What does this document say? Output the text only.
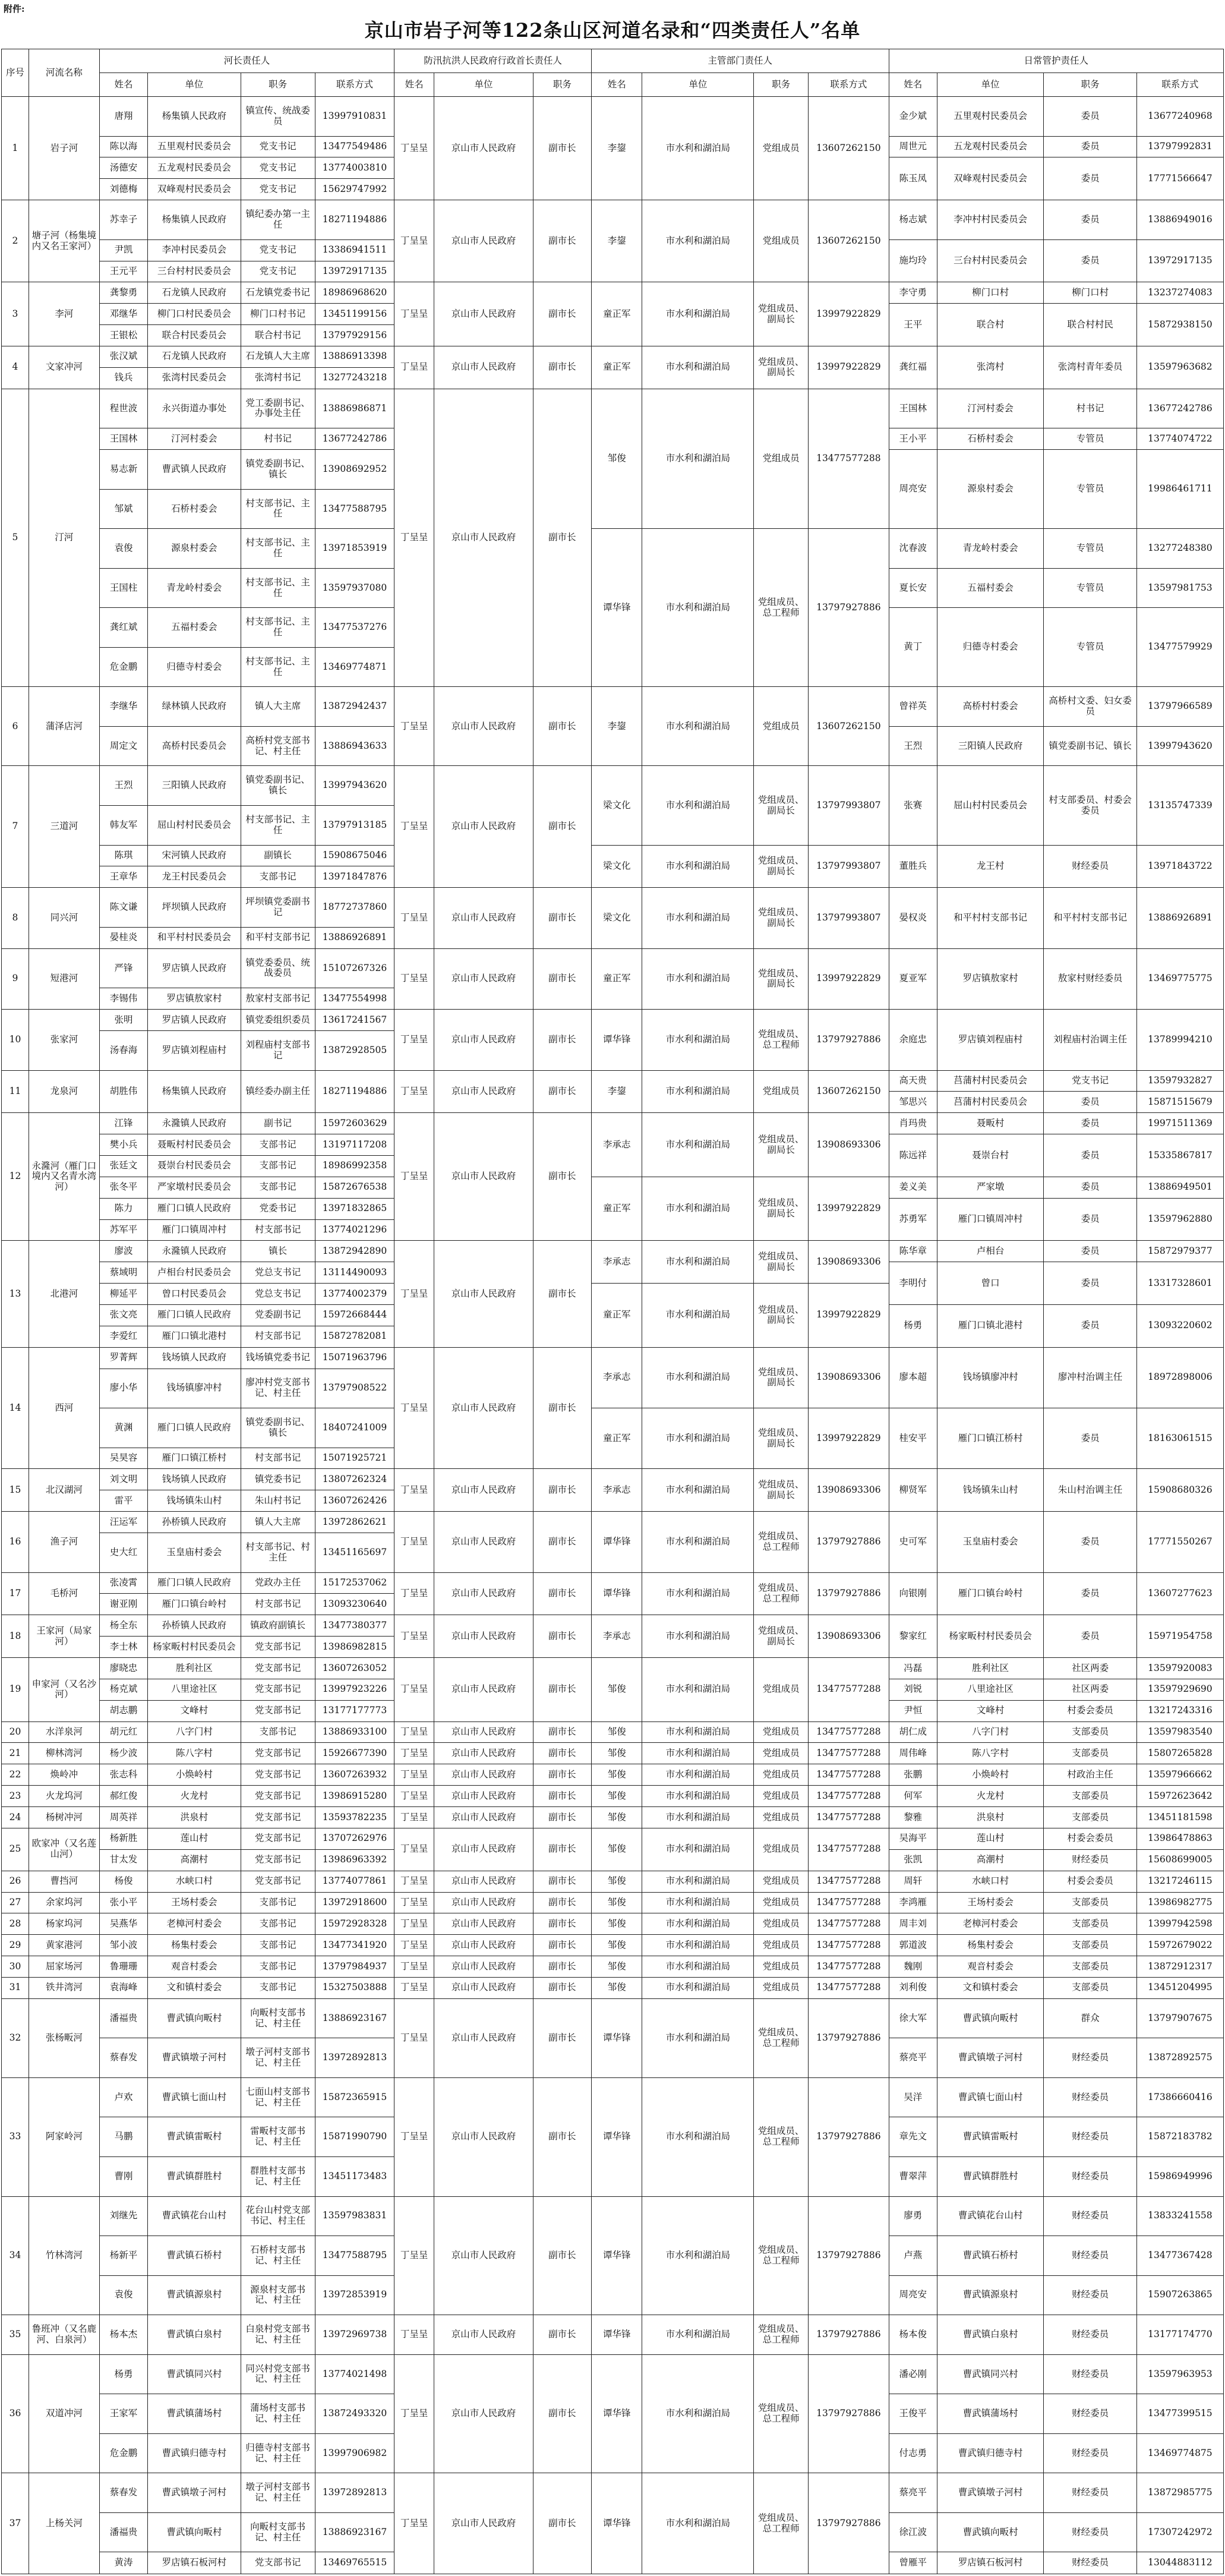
附件:
京山市岩子河等122条山区河道名录和“四类责任人”名单
序号	河流名称	河长责任人				防汛抗洪人民政府行政首长责任人			主管部门责任人				日常管护责任人			
		姓名	单位	职务	联系方式	姓名	单位	职务	姓名	单位	职务	联系方式	姓名	单位	职务	联系方式
1	岩子河	唐翔	杨集镇人民政府	镇宣传、统战委员	13997910831	丁呈呈	京山市人民政府	副市长	李鋆	市水利和湖泊局	党组成员	13607262150	金少斌	五里观村民委员会	委员	13677240968
		陈以海	五里观村民委员会	党支书记	13477549486								周世元	五龙观村民委员会	委员	13797992831
		汤德安	五龙观村民委员会	党支书记	13774003810								陈玉凤	双峰观村民委员会	委员	17771566647
		刘德梅	双峰观村民委员会	党支书记	15629747992											
2	塘子河（杨集境内又名王家河）	苏幸子	杨集镇人民政府	镇纪委办第一主任	18271194886	丁呈呈	京山市人民政府	副市长	李鋆	市水利和湖泊局	党组成员	13607262150	杨志斌	李冲村村民委员会	委员	13886949016
		尹凯	李冲村民委员会	党支书记	13386941511								施均玲	三台村村民委员会	委员	13972917135
		王元平	三台村村民委员会	党支书记	13972917135											
3	李河	龚黎勇	石龙镇人民政府	石龙镇党委书记	18986968620	丁呈呈	京山市人民政府	副市长	童正军	市水利和湖泊局	党组成员、副局长	13997922829	李守勇	柳门口村	柳门口村	13237274083
		邓继华	柳门口村民委员会	柳门口村书记	13451199156								王平	联合村	联合村村民	15872938150
		王银松	联合村民委员会	联合村书记	13797929156											
4	文家冲河	张汉斌	石龙镇人民政府	石龙镇人大主席	13886913398	丁呈呈	京山市人民政府	副市长	童正军	市水利和湖泊局	党组成员、副局长	13997922829	龚红福	张湾村	张湾村青年委员	13597963682
		钱兵	张湾村民委员会	张湾村书记	13277243218											
5	汀河	程世波	永兴街道办事处	党工委副书记、办事处主任	13886986871	丁呈呈	京山市人民政府	副市长	邹俊	市水利和湖泊局	党组成员	13477577288	王国林	汀河村委会	村书记	13677242786
		王国林	汀河村委会	村书记	13677242786								王小平	石桥村委会	专管员	13774074722
		易志新	曹武镇人民政府	镇党委副书记、镇长	13908692952								周亮安	源泉村委会	专管员	19986461711
		邹斌	石桥村委会	村支部书记、主任	13477588795											
		袁俊	源泉村委会	村支部书记、主任	13971853919				谭华锋	市水利和湖泊局	党组成员、总工程师	13797927886	沈春波	青龙岭村委会	专管员	13277248380
		王国柱	青龙岭村委会	村支部书记、主任	13597937080								夏长安	五福村委会	专管员	13597981753
		龚红斌	五福村委会	村支部书记、主任	13477537276								黄丁	归德寺村委会	专管员	13477579929
		危金鹏	归德寺村委会	村支部书记、主任	13469774871											
6	蒲泽店河	李继华	绿林镇人民政府	镇人大主席	13872942437	丁呈呈	京山市人民政府	副市长	李鋆	市水利和湖泊局	党组成员	13607262150	曾祥英	高桥村村委会	高桥村文委、妇女委员	13797966589
		周定文	高桥村民委员会	高桥村党支部书记、村主任	13886943633								王烈	三阳镇人民政府	镇党委副书记、镇长	13997943620
7	三道河	王烈	三阳镇人民政府	镇党委副书记、镇长	13997943620	丁呈呈	京山市人民政府	副市长	梁文化	市水利和湖泊局	党组成员、副局长	13797993807	张赛	屈山村村民委员会	村支部委员、村委会委员	13135747339
		韩友军	屈山村村民委员会	村支部书记、主任	13797913185											
		陈琪	宋河镇人民政府	副镇长	15908675046				梁文化	市水利和湖泊局	党组成员、副局长	13797993807	董胜兵	龙王村	财经委员	13971843722
		王章华	龙王村民委员会	支部书记	13971847876											
8	同兴河	陈文谦	坪坝镇人民政府	坪坝镇党委副书记	18772737860	丁呈呈	京山市人民政府	副市长	梁文化	市水利和湖泊局	党组成员、副局长	13797993807	晏权炎	和平村村支部书记	和平村村支部书记	13886926891
		晏桂炎	和平村村民委员会	和平村支部书记	13886926891											
9	短港河	严锋	罗店镇人民政府	镇党委委员、统战委员	15107267326	丁呈呈	京山市人民政府	副市长	童正军	市水利和湖泊局	党组成员、副局长	13997922829	夏亚军	罗店镇敖家村	敖家村财经委员	13469775775
		李锡伟	罗店镇敖家村	敖家村支部书记	13477554998											
10	张家河	张明	罗店镇人民政府	镇党委组织委员	13617241567	丁呈呈	京山市人民政府	副市长	谭华锋	市水利和湖泊局	党组成员、总工程师	13797927886	余庭忠	罗店镇刘程庙村	刘程庙村治调主任	13789994210
		汤春海	罗店镇刘程庙村	刘程庙村支部书记	13872928505											
11	龙泉河	胡胜伟	杨集镇人民政府	镇经委办副主任	18271194886	丁呈呈	京山市人民政府	副市长	李鋆	市水利和湖泊局	党组成员	13607262150	高天贵	莒蒲村村民委员会	党支书记	13597932827
													邹思兴	莒蒲村村民委员会	委员	15871515679
12	永漋河（雁门口境内又名青水湾河）	江锋	永漋镇人民政府	副书记	15972603629	丁呈呈	京山市人民政府	副市长	李承志	市水利和湖泊局	党组成员、副局长	13908693306	肖玛贵	聂畈村	委员	19971511369
		樊小兵	聂畈村村民委员会	支部书记	13197117208								陈远祥	聂崇台村	委员	15335867817
		张廷文	聂崇台村民委员会	支部书记	18986992358											
		张冬平	严家墩村民委员会	支部书记	15872676538				童正军	市水利和湖泊局	党组成员、副局长	13997922829	姜义美	严家墩	委员	13886949501
		陈力	雁门口镇人民政府	党委书记	13971832865								苏勇军	雁门口镇周冲村	委员	13597962880
		苏军平	雁门口镇周冲村	村支部书记	13774021296											
13	北港河	廖波	永漋镇人民政府	镇长	13872942890	丁呈呈	京山市人民政府	副市长	李承志	市水利和湖泊局	党组成员、副局长	13908693306	陈华章	卢相台	委员	15872979377
		蔡域明	卢相台村民委员会	党总支书记	13114490093								李明付	曾口	委员	13317328601
		柳延平	曾口村民委员会	党总支书记	13774002379				童正军	市水利和湖泊局	党组成员、副局长	13997922829				
		张文亮	雁门口镇人民政府	党委副书记	15972668444								杨勇	雁门口镇北港村	委员	13093220602
		李爱红	雁门口镇北港村	村支部书记	15872782081											
14	西河	罗菁辉	钱场镇人民政府	钱场镇党委书记	15071963796	丁呈呈	京山市人民政府	副市长	李承志	市水利和湖泊局	党组成员、副局长	13908693306	廖本超	钱场镇廖冲村	廖冲村治调主任	18972898006
		廖小华	钱场镇廖冲村	廖冲村党支部书记、村主任	13797908522											
		黄渊	雁门口镇人民政府	镇党委副书记、镇长	18407241009				童正军	市水利和湖泊局	党组成员、副局长	13997922829	桂安平	雁门口镇江桥村	委员	18163061515
		吴昊容	雁门口镇江桥村	村支部书记	15071925721											
15	北汉湖河	刘文明	钱场镇人民政府	镇党委书记	13807262324	丁呈呈	京山市人民政府	副市长	李承志	市水利和湖泊局	党组成员、副局长	13908693306	柳贤军	钱场镇朱山村	朱山村治调主任	15908680326
		雷平	钱场镇朱山村	朱山村书记	13607262426											
16	渔子河	汪运军	孙桥镇人民政府	镇人大主席	13972862621	丁呈呈	京山市人民政府	副市长	谭华锋	市水利和湖泊局	党组成员、总工程师	13797927886	史可军	玉皇庙村委会	委员	17771550267
		史大红	玉皇庙村委会	村支部书记、村主任	13451165697											
17	毛桥河	张凌霄	雁门口镇人民政府	党政办主任	15172537062	丁呈呈	京山市人民政府	副市长	谭华锋	市水利和湖泊局	党组成员、总工程师	13797927886	向银刚	雁门口镇台岭村	委员	13607277623
		谢亚刚	雁门口镇台岭村	村支部书记	13093230640											
18	王家河（局家河）	杨全东	孙桥镇人民政府	镇政府副镇长	13477380377	丁呈呈	京山市人民政府	副市长	李承志	市水利和湖泊局	党组成员、副局长	13908693306	黎家红	杨家畈村村民委员会	委员	15971954758
		李士林	杨家畈村村民委员会	党支部书记	13986982815											
19	申家河（又名沙河）	廖晓忠	胜利社区	党支部书记	13607263052	丁呈呈	京山市人民政府	副市长	邹俊	市水利和湖泊局	党组成员	13477577288	冯磊	胜利社区	社区两委	13597920083
		杨克斌	八里途社区	党支部书记	13997923226								刘锐	八里途社区	社区两委	13597929690
		胡志鹏	文峰村	党支部书记	13177177773								尹恒	文峰村	村委会委员	13217243316
20	水洋泉河	胡元红	八字门村	支部书记	13886933100	丁呈呈	京山市人民政府	副市长	邹俊	市水利和湖泊局	党组成员	13477577288	胡仁成	八字门村	支部委员	13597983540
21	柳林湾河	杨少波	陈八字村	党支部书记	15926677390	丁呈呈	京山市人民政府	副市长	邹俊	市水利和湖泊局	党组成员	13477577288	周伟峰	陈八字村	支部委员	15807265828
22	焕岭冲	张志科	小焕岭村	党支部书记	13607263932	丁呈呈	京山市人民政府	副市长	邹俊	市水利和湖泊局	党组成员	13477577288	张鹏	小焕岭村	村政治主任	13597966662
23	火龙坞河	郝红俊	火龙村	党支部书记	13986915280	丁呈呈	京山市人民政府	副市长	邹俊	市水利和湖泊局	党组成员	13477577288	何军	火龙村	支部委员	15972623642
24	杨树冲河	周英祥	洪泉村	党支部书记	13593782235	丁呈呈	京山市人民政府	副市长	邹俊	市水利和湖泊局	党组成员	13477577288	黎雅	洪泉村	支部委员	13451181598
25	欧家冲（又名莲山河）	杨新胜	莲山村	党支部书记	13707262976	丁呈呈	京山市人民政府	副市长	邹俊	市水利和湖泊局	党组成员	13477577288	吴海平	莲山村	村委会委员	13986478863
		甘太发	高潮村	党支部书记	13986963392								张凯	高潮村	财经委员	15608699005
26	曹挡河	杨俊	水峡口村	党支部书记	13774077861	丁呈呈	京山市人民政府	副市长	邹俊	市水利和湖泊局	党组成员	13477577288	周轩	水峡口村	村委会委员	13217246115
27	余家坞河	张小平	王场村委会	支部书记	13972918600	丁呈呈	京山市人民政府	副市长	邹俊	市水利和湖泊局	党组成员	13477577288	李鸿雁	王场村委会	支部委员	13986982775
28	杨家坞河	吴燕华	老樟河村委会	支部书记	15972928328	丁呈呈	京山市人民政府	副市长	邹俊	市水利和湖泊局	党组成员	13477577288	周丰刘	老樟河村委会	支部委员	13997942598
29	黄家港河	邹小波	杨集村委会	支部书记	13477341920	丁呈呈	京山市人民政府	副市长	邹俊	市水利和湖泊局	党组成员	13477577288	郭道波	杨集村委会	支部委员	15972679022
30	屈家场河	鲁珊珊	观音村委会	支部书记	13797984937	丁呈呈	京山市人民政府	副市长	邹俊	市水利和湖泊局	党组成员	13477577288	魏刚	观音村委会	支部委员	13872912317
31	铁井湾河	袁海峰	文和镇村委会	支部书记	15327503888	丁呈呈	京山市人民政府	副市长	邹俊	市水利和湖泊局	党组成员	13477577288	刘利俊	文和镇村委会	支部委员	13451204995
32	张杨畈河	潘福贵	曹武镇向畈村	向畈村支部书记、村主任	13886923167	丁呈呈	京山市人民政府	副市长	谭华锋	市水利和湖泊局	党组成员、总工程师	13797927886	徐大军	曹武镇向畈村	群众	13797907675
		蔡春发	曹武镇墩子河村	墩子河村支部书记、村主任	13972892813								蔡亮平	曹武镇墩子河村	财经委员	13872892575
33	阿家岭河	卢欢	曹武镇七面山村	七面山村支部书记、村主任	15872365915	丁呈呈	京山市人民政府	副市长	谭华锋	市水利和湖泊局	党组成员、总工程师	13797927886	吴洋	曹武镇七面山村	财经委员	17386660416
		马鹏	曹武镇雷畈村	雷畈村支部书记、村主任	15871990790								章先文	曹武镇雷畈村	财经委员	15872183782
		曹刚	曹武镇群胜村	群胜村支部书记、村主任	13451173483								曹翠萍	曹武镇群胜村	财经委员	15986949996
34	竹林湾河	刘继先	曹武镇花台山村	花台山村党支部书记、村主任	13597983831	丁呈呈	京山市人民政府	副市长	谭华锋	市水利和湖泊局	党组成员、总工程师	13797927886	廖勇	曹武镇花台山村	财经委员	13833241558
		杨新平	曹武镇石桥村	石桥村支部书记、村主任	13477588795								卢燕	曹武镇石桥村	财经委员	13477367428
		袁俊	曹武镇源泉村	源泉村支部书记、村主任	13972853919								周亮安	曹武镇源泉村	财经委员	15907263865
35	鲁班冲（又名鹿河、白泉河）	杨本杰	曹武镇白泉村	白泉村党支部书记、村主任	13972969738	丁呈呈	京山市人民政府	副市长	谭华锋	市水利和湖泊局	党组成员、总工程师	13797927886	杨本俊	曹武镇白泉村	财经委员	13177174770
36	双道冲河	杨勇	曹武镇同兴村	同兴村党支部书记、村主任	13774021498	丁呈呈	京山市人民政府	副市长	谭华锋	市水利和湖泊局	党组成员、总工程师	13797927886	潘必刚	曹武镇同兴村	财经委员	13597963953
		王家军	曹武镇蒲场村	蒲场村支部书记、村主任	13872493320								王俊平	曹武镇蒲场村	财经委员	13477399515
		危金鹏	曹武镇归德寺村	归德寺村支部书记、村主任	13997906982								付志勇	曹武镇归德寺村	财经委员	13469774875
37	上杨关河	蔡春发	曹武镇墩子河村	墩子河村支部书记、村主任	13972892813	丁呈呈	京山市人民政府	副市长	谭华锋	市水利和湖泊局	党组成员、总工程师	13797927886	蔡亮平	曹武镇墩子河村	财经委员	13872985775
		潘福贵	曹武镇向畈村	向畈村支部书记、村主任	13886923167								徐江波	曹武镇向畈村	财经委员	17307242972
		黄涛	罗店镇石板河村	党支部书记	13469765515								曾雁平	罗店镇石板河村	财经委员	13044883112
